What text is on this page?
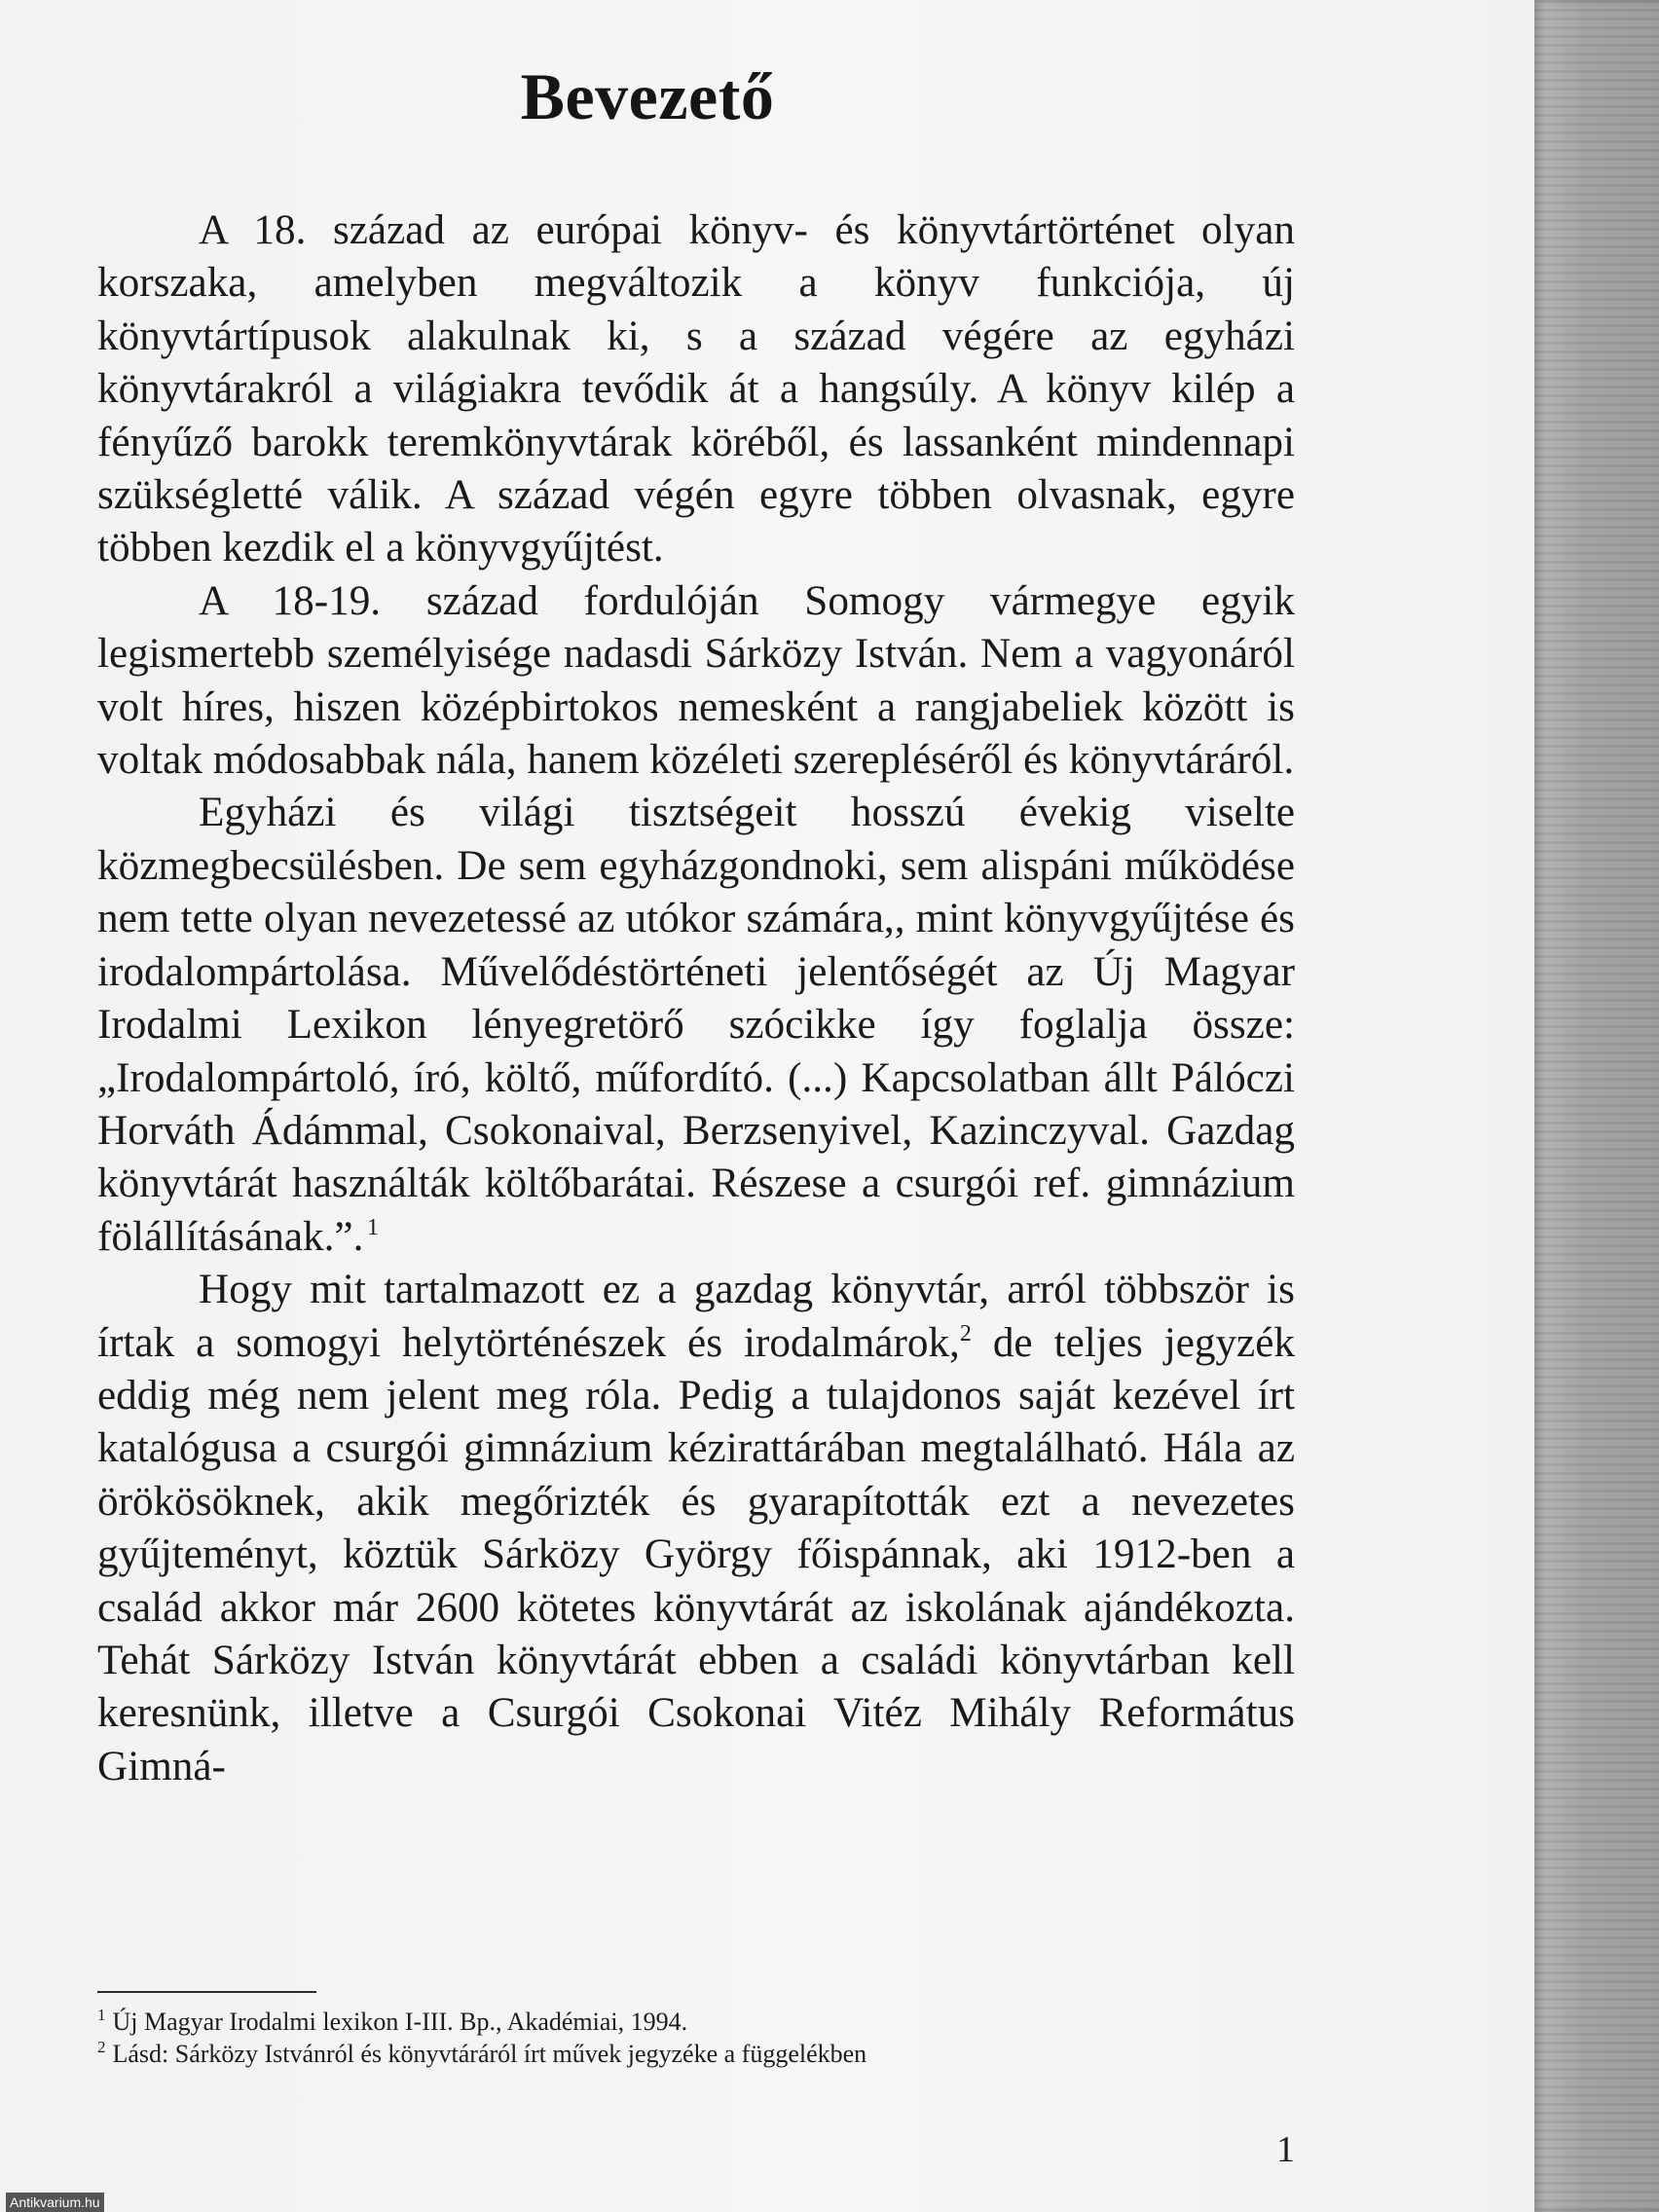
Bevezető

A 18. század az európai könyv- és könyvtártörténet olyan korszaka, amelyben megváltozik a könyv funkciója, új könyvtártípusok alakulnak ki, s a század végére az egyházi könyvtárakról a világiakra tevődik át a hangsúly. A könyv kilép a fényűző barokk teremkönyvtárak köréből, és lassanként mindennapi szükségletté válik. A század végén egyre többen olvasnak, egyre többen kezdik el a könyvgyűjtést.

A 18-19. század fordulóján Somogy vármegye egyik legismertebb személyisége nadasdi Sárközy István. Nem a vagyonáról volt híres, hiszen középbirtokos nemesként a rangjabeliek között is voltak módosabbak nála, hanem közéleti szerepléséről és könyvtáráról.

Egyházi és világi tisztségeit hosszú évekig viselte közmegbecsülésben. De sem egyházgondnoki, sem alispáni működése nem tette olyan nevezetessé az utókor számára,, mint könyvgyűjtése és irodalompártolása. Művelődéstörténeti jelentőségét az Új Magyar Irodalmi Lexikon lényegretörő szócikke így foglalja össze: „Irodalompártoló, író, költő, műfordító. (...) Kapcsolatban állt Pálóczi Horváth Ádámmal, Csokonaival, Berzsenyivel, Kazinczyval. Gazdag könyvtárát használták költőbarátai. Részese a csurgói ref. gimnázium fölállításának.”.  $^1$

Hogy mit tartalmazott ez a gazdag könyvtár, arról többször is írtak a somogyi helytörténészek és irodalmárok,$^2$ de teljes jegyzék eddig még nem jelent meg róla. Pedig a tulajdonos saját kezével írt katalógusa a csurgói gimnázium kézirattárában megtalálható. Hála az örökösöknek, akik megőrizték és gyarapították ezt a nevezetes gyűjteményt, köztük Sárközy György főispánnak, aki 1912-ben a család akkor már 2600 kötetes könyvtárát az iskolának ajándékozta. Tehát Sárközy István könyvtárát ebben a családi könyvtárban kell keresnünk, illetve a Csurgói Csokonai Vitéz Mihály Református Gimná-

$^1$ Új Magyar Irodalmi lexikon I-III. Bp., Akadémiai, 1994.

$^2$ Lásd: Sárközy Istvánról és könyvtáráról írt művek jegyzéke a függelékben

1
Antikvarium.hu
